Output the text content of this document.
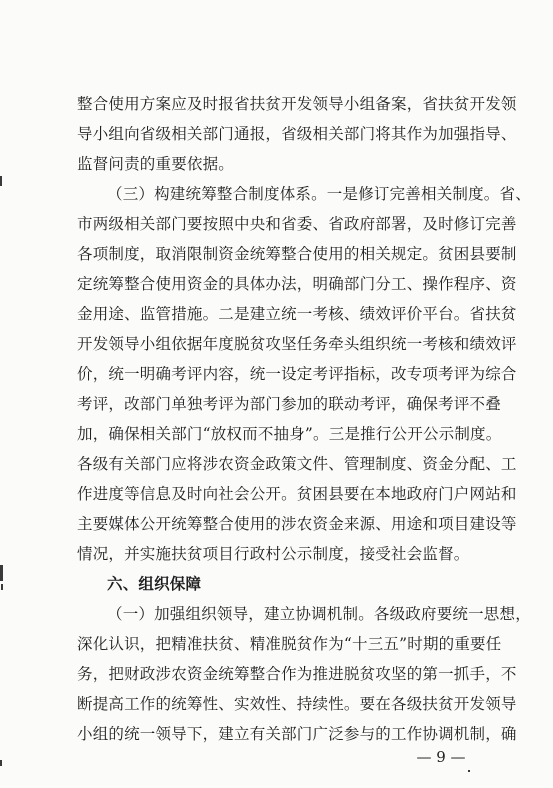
整合使用方案应及时报省扶贫开发领导小组备案，省扶贫开发领
导小组向省级相关部门通报，省级相关部门将其作为加强指导、
监督问责的重要依据。
（三）构建统筹整合制度体系。一是修订完善相关制度。省、
市两级相关部门要按照中央和省委、省政府部署，及时修订完善
各项制度，取消限制资金统筹整合使用的相关规定。贫困县要制
定统筹整合使用资金的具体办法，明确部门分工、操作程序、资
金用途、监管措施。二是建立统一考核、绩效评价平台。省扶贫
开发领导小组依据年度脱贫攻坚任务牵头组织统一考核和绩效评
价，统一明确考评内容，统一设定考评指标，改专项考评为综合
考评，改部门单独考评为部门参加的联动考评，确保考评不叠
加，确保相关部门“放权而不抽身”。三是推行公开公示制度。
各级有关部门应将涉农资金政策文件、管理制度、资金分配、工
作进度等信息及时向社会公开。贫困县要在本地政府门户网站和
主要媒体公开统筹整合使用的涉农资金来源、用途和项目建设等
情况，并实施扶贫项目行政村公示制度，接受社会监督。
六、组织保障
（一）加强组织领导，建立协调机制。各级政府要统一思想，
深化认识，把精准扶贫、精准脱贫作为“十三五”时期的重要任
务，把财政涉农资金统筹整合作为推进脱贫攻坚的第一抓手，不
断提高工作的统筹性、实效性、持续性。要在各级扶贫开发领导
小组的统一领导下，建立有关部门广泛参与的工作协调机制，确
— 9 —
